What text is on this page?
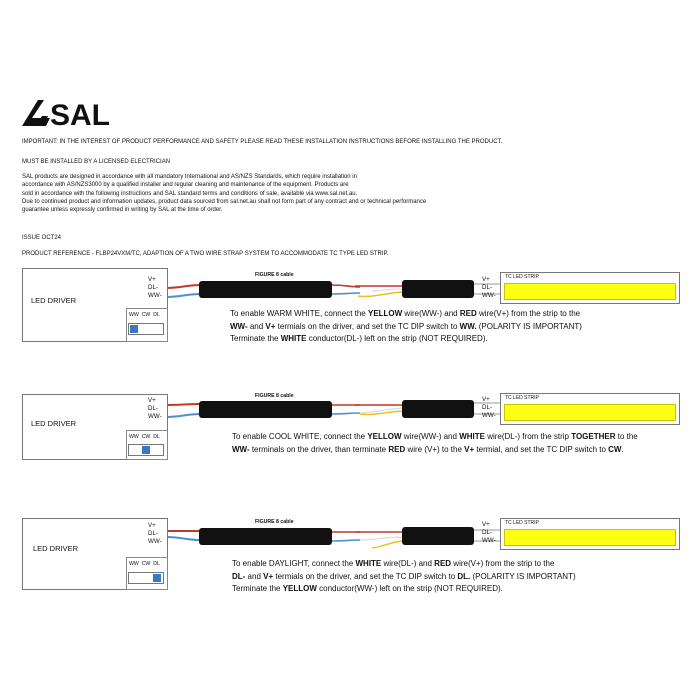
SAL
IMPORTANT: IN THE INTEREST OF PRODUCT PERFORMANCE AND SAFETY PLEASE READ THESE INSTALLATION INSTRUCTIONS BEFORE INSTALLING THE PRODUCT.
MUST BE INSTALLED BY A LICENSED ELECTRICIAN
SAL products are designed in accordance with all mandatory International and AS/NZS Standards, which require installation in
accordance with AS/NZS3000 by a qualified installer and regular cleaning and maintenance of the equipment. Products are
sold in accordance with the following instructions and SAL standard terms and conditions of sale, available via www.sal.net.au.
Due to continued product and information updates, product data sourced from sal.net.au shall not form part of any contract and or technical performance
guarantee unless expressly confirmed in writing by SAL at the time of order.
ISSUE OCT24
PRODUCT REFERENCE - FLBP24VXM/TC, ADAPTION OF A TWO WIRE STRAP SYSTEM TO ACCOMMODATE TC TYPE LED STRIP.
LED DRIVER
V+
DL-
WW-
WW CW DL
FIGURE 8 cable
V+
DL-
WW-
TC LED STRIP
To enable WARM WHITE, connect the YELLOW wire(WW-) and RED wire(V+) from the strip to the
WW- and V+ termials on the driver, and set the TC DIP switch to WW. (POLARITY IS IMPORTANT)
Terminate the WHITE conductor(DL-) left on the strip (NOT REQUIRED).
LED DRIVER
V+
DL-
WW-
WW CW DL
FIGURE 8 cable	V+
DL-
WW-
TC LED STRIP
To enable COOL WHITE, connect the YELLOW wire(WW-) and WHITE wire(DL-) from the strip TOGETHER to the
WW- terminals on the driver, than terminate RED wire (V+) to the V+ termial, and set the TC DIP switch to CW.
LED DRIVER
V+
DL-
WW-
WW CW DL
FIGURE 8 cable	V+
DL-
WW-
TC LED STRIP
To enable DAYLIGHT, connect the WHITE wire(DL-) and RED wire(V+) from the strip to the
DL- and V+ termials on the driver, and set the TC DIP switch to DL. (POLARITY IS IMPORTANT)
Terminate the YELLOW conductor(WW-) left on the strip (NOT REQUIRED).
